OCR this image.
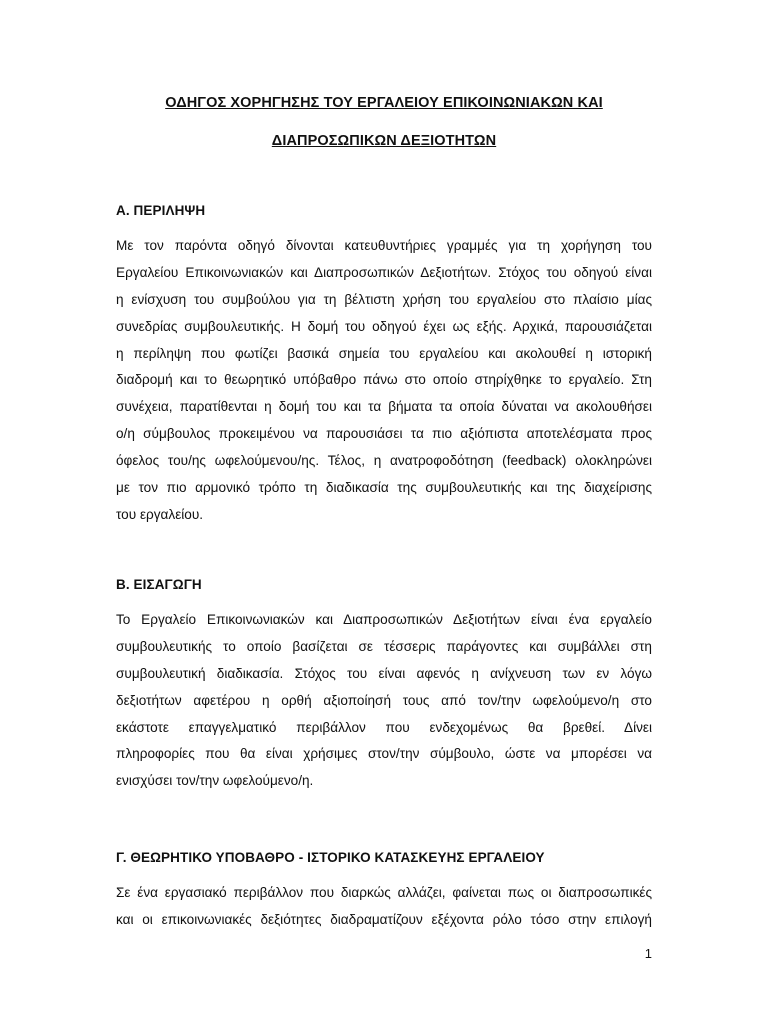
ΟΔΗΓΟΣ ΧΟΡΗΓΗΣΗΣ ΤΟΥ ΕΡΓΑΛΕΙΟΥ ΕΠΙΚΟΙΝΩΝΙΑΚΩΝ ΚΑΙ
ΔΙΑΠΡΟΣΩΠΙΚΩΝ ΔΕΞΙΟΤΗΤΩΝ
Α. ΠΕΡΙΛΗΨΗ
Με τον παρόντα οδηγό δίνονται κατευθυντήριες γραμμές για τη χορήγηση του
Εργαλείου Επικοινωνιακών και Διαπροσωπικών Δεξιοτήτων. Στόχος του οδηγού είναι
η ενίσχυση του συμβούλου για τη βέλτιστη χρήση του εργαλείου στο πλαίσιο μίας
συνεδρίας συμβουλευτικής. Η δομή του οδηγού έχει ως εξής. Αρχικά, παρουσιάζεται
η περίληψη που φωτίζει βασικά σημεία του εργαλείου και ακολουθεί η ιστορική
διαδρομή και το θεωρητικό υπόβαθρο πάνω στο οποίο στηρίχθηκε το εργαλείο. Στη
συνέχεια, παρατίθενται η δομή του και τα βήματα τα οποία δύναται να ακολουθήσει
ο/η σύμβουλος προκειμένου να παρουσιάσει τα πιο αξιόπιστα αποτελέσματα προς
όφελος του/ης ωφελούμενου/ης. Τέλος, η ανατροφοδότηση (feedback) ολοκληρώνει
με τον πιο αρμονικό τρόπο τη διαδικασία της συμβουλευτικής και της διαχείρισης
του εργαλείου.
Β. ΕΙΣΑΓΩΓΗ
Το Εργαλείο Επικοινωνιακών και Διαπροσωπικών Δεξιοτήτων είναι ένα εργαλείο
συμβουλευτικής το οποίο βασίζεται σε τέσσερις παράγοντες και συμβάλλει στη
συμβουλευτική διαδικασία. Στόχος του είναι αφενός η ανίχνευση των εν λόγω
δεξιοτήτων αφετέρου η ορθή αξιοποίησή τους από τον/την ωφελούμενο/η στο
εκάστοτε επαγγελματικό περιβάλλον που ενδεχομένως θα βρεθεί. Δίνει
πληροφορίες που θα είναι χρήσιμες στον/την σύμβουλο, ώστε να μπορέσει να
ενισχύσει τον/την ωφελούμενο/η.
Γ. ΘΕΩΡΗΤΙΚΟ ΥΠΟΒΑΘΡΟ - ΙΣΤΟΡΙΚΟ ΚΑΤΑΣΚΕΥΗΣ ΕΡΓΑΛΕΙΟΥ
Σε ένα εργασιακό περιβάλλον που διαρκώς αλλάζει, φαίνεται πως οι διαπροσωπικές
και οι επικοινωνιακές δεξιότητες διαδραματίζουν εξέχοντα ρόλο τόσο στην επιλογή
1
